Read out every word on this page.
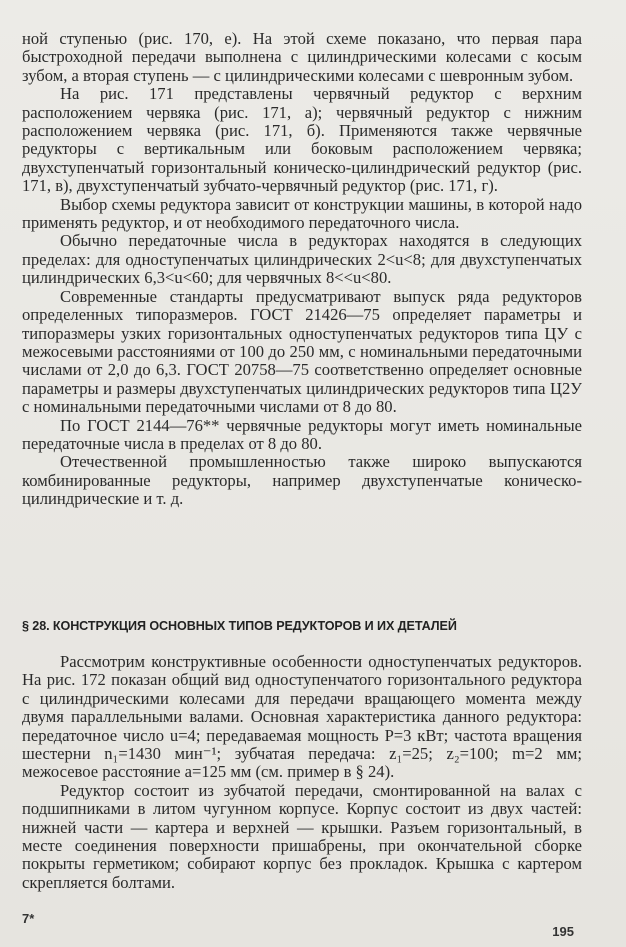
ной ступенью (рис. 170, е). На этой схеме показано, что первая пара быстроходной передачи выполнена с цилиндрическими колесами с косым зубом, а вторая ступень — с цилиндрическими колесами с шевронным зубом.

На рис. 171 представлены червячный редуктор с верхним расположением червяка (рис. 171, а); червячный редуктор с нижним расположением червяка (рис. 171, б). Применяются также червячные редукторы с вертикальным или боковым расположением червяка; двухступенчатый горизонтальный коническо-цилиндрический редуктор (рис. 171, в), двухступенчатый зубчато-червячный редуктор (рис. 171, г).

Выбор схемы редуктора зависит от конструкции машины, в которой надо применять редуктор, и от необходимого передаточного числа.

Обычно передаточные числа в редукторах находятся в следующих пределах: для одноступенчатых цилиндрических 2<u<8; для двухступенчатых цилиндрических 6,3<u<60; для червячных 8<<u<80.

Современные стандарты предусматривают выпуск ряда редукторов определенных типоразмеров. ГОСТ 21426—75 определяет параметры и типоразмеры узких горизонтальных одноступенчатых редукторов типа ЦУ с межосевыми расстояниями от 100 до 250 мм, с номинальными передаточными числами от 2,0 до 6,3. ГОСТ 20758—75 соответственно определяет основные параметры и размеры двухступенчатых цилиндрических редукторов типа Ц2У с номинальными передаточными числами от 8 до 80.

По ГОСТ 2144—76** червячные редукторы могут иметь номинальные передаточные числа в пределах от 8 до 80.

Отечественной промышленностью также широко выпускаются комбинированные редукторы, например двухступенчатые коническо-цилиндрические и т. д.

§ 28. КОНСТРУКЦИЯ ОСНОВНЫХ ТИПОВ РЕДУКТОРОВ И ИХ ДЕТАЛЕЙ

Рассмотрим конструктивные особенности одноступенчатых редукторов. На рис. 172 показан общий вид одноступенчатого горизонтального редуктора с цилиндрическими колесами для передачи вращающего момента между двумя параллельными валами. Основная характеристика данного редуктора: передаточное число u=4; передаваемая мощность P=3 кВт; частота вращения шестерни n₁=1430 мин⁻¹; зубчатая передача: z₁=25; z₂=100; m=2 мм; межосевое расстояние a=125 мм (см. пример в § 24).

Редуктор состоит из зубчатой передачи, смонтированной на валах с подшипниками в литом чугунном корпусе. Корпус состоит из двух частей: нижней части — картера и верхней — крышки. Разъем горизонтальный, в месте соединения поверхности пришабрены, при окончательной сборке покрыты герметиком; собирают корпус без прокладок. Крышка с картером скрепляется болтами.

7*
195
